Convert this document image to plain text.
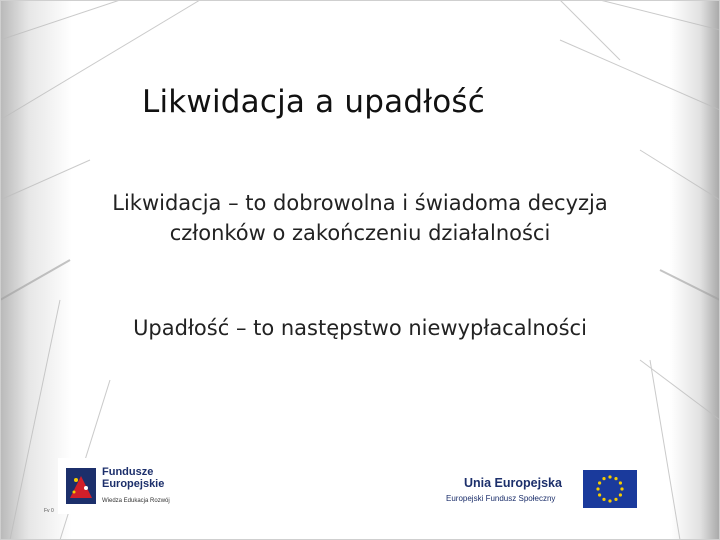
Likwidacja a upadłość
Likwidacja – to dobrowolna i świadoma decyzja
członków o zakończeniu działalności
Upadłość – to następstwo niewypłacalności
Fundusze
Europejskie
Wiedza Edukacja Rozwój
Unia Europejska
Europejski Fundusz Społeczny
Fv 0
